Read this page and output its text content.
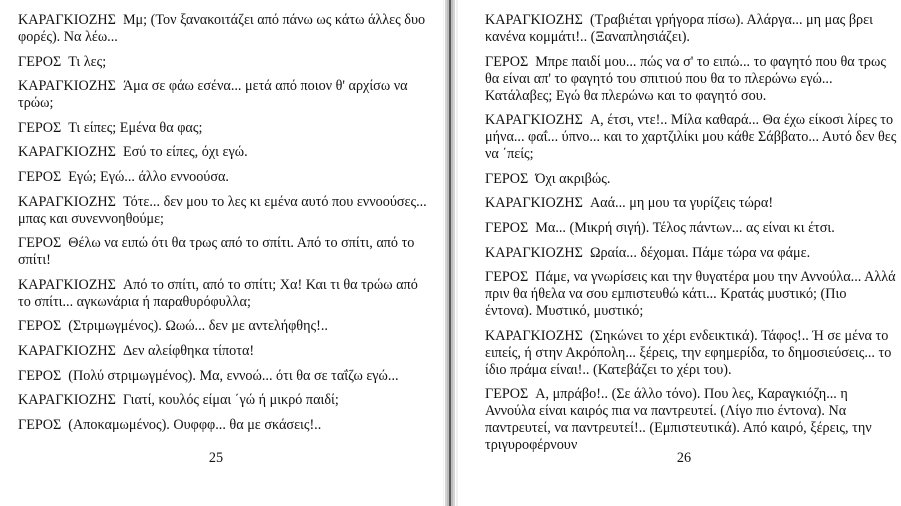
ΚΑΡΑΓΚΙΟΖΗΣ Μμ; (Τον ξανακοιτάζει από πάνω ως κάτω άλλες δυο φορές). Να λέω...

ΓΕΡΟΣ Τι λες;

ΚΑΡΑΓΚΙΟΖΗΣ Άμα σε φάω εσένα... μετά από ποιον θ' αρχίσω να τρώω;

ΓΕΡΟΣ Τι είπες; Εμένα θα φας;

ΚΑΡΑΓΚΙΟΖΗΣ Εσύ το είπες, όχι εγώ.

ΓΕΡΟΣ Εγώ; Εγώ... άλλο εννοούσα.

ΚΑΡΑΓΚΙΟΖΗΣ Τότε... δεν μου το λες κι εμένα αυτό που εννοούσες... μπας και συνεννοηθούμε;

ΓΕΡΟΣ Θέλω να ειπώ ότι θα τρως από το σπίτι. Από το σπίτι, από το σπίτι!

ΚΑΡΑΓΚΙΟΖΗΣ Από το σπίτι, από το σπίτι; Χα! Και τι θα τρώω από το σπίτι... αγκωνάρια ή παραθυρόφυλλα;

ΓΕΡΟΣ (Στριμωγμένος). Ωωώ... δεν με αντελήφθης!..

ΚΑΡΑΓΚΙΟΖΗΣ Δεν αλείφθηκα τίποτα!

ΓΕΡΟΣ (Πολύ στριμωγμένος). Μα, εννοώ... ότι θα σε ταΐζω εγώ...

ΚΑΡΑΓΚΙΟΖΗΣ Γιατί, κουλός είμαι ΄γώ ή μικρό παιδί;

ΓΕΡΟΣ (Αποκαμωμένος). Ουφφφ... θα με σκάσεις!..

25

ΚΑΡΑΓΚΙΟΖΗΣ (Τραβιέται γρήγορα πίσω). Αλάργα... μη μας βρει κανένα κομμάτι!.. (Ξαναπλησιάζει).

ΓΕΡΟΣ Μπρε παιδί μου... πώς να σ' το ειπώ... το φαγητό που θα τρως θα είναι απ' το φαγητό του σπιτιού που θα το πλερώνω εγώ... Κατάλαβες; Εγώ θα πλερώνω και το φαγητό σου.

ΚΑΡΑΓΚΙΟΖΗΣ Α, έτσι, ντε!.. Μίλα καθαρά... Θα έχω είκοσι λίρες το μήνα... φαΐ... ύπνο... και το χαρτζιλίκι μου κάθε Σάββατο... Αυτό δεν θες να ΄πείς;

ΓΕΡΟΣ Όχι ακριβώς.

ΚΑΡΑΓΚΙΟΖΗΣ Ααά... μη μου τα γυρίζεις τώρα!

ΓΕΡΟΣ Μα... (Μικρή σιγή). Τέλος πάντων... ας είναι κι έτσι.

ΚΑΡΑΓΚΙΟΖΗΣ Ωραία... δέχομαι. Πάμε τώρα να φάμε.

ΓΕΡΟΣ Πάμε, να γνωρίσεις και την θυγατέρα μου την Αννούλα... Αλλά πριν θα ήθελα να σου εμπιστευθώ κάτι... Κρατάς μυστικό; (Πιο έντονα). Μυστικό, μυστικό;

ΚΑΡΑΓΚΙΟΖΗΣ (Σηκώνει το χέρι ενδεικτικά). Τάφος!.. Ή σε μένα το ειπείς, ή στην Ακρόπολη... ξέρεις, την εφημερίδα, το δημοσιεύσεις... το ίδιο πράμα είναι!.. (Κατεβάζει το χέρι του).

ΓΕΡΟΣ Α, μπράβο!.. (Σε άλλο τόνο). Που λες, Καραγκιόζη... η Αννούλα είναι καιρός πια να παντρευτεί. (Λίγο πιο έντονα). Να παντρευτεί, να παντρευτεί!.. (Εμπιστευτικά). Από καιρό, ξέρεις, την τριγυροφέρνουν

26
